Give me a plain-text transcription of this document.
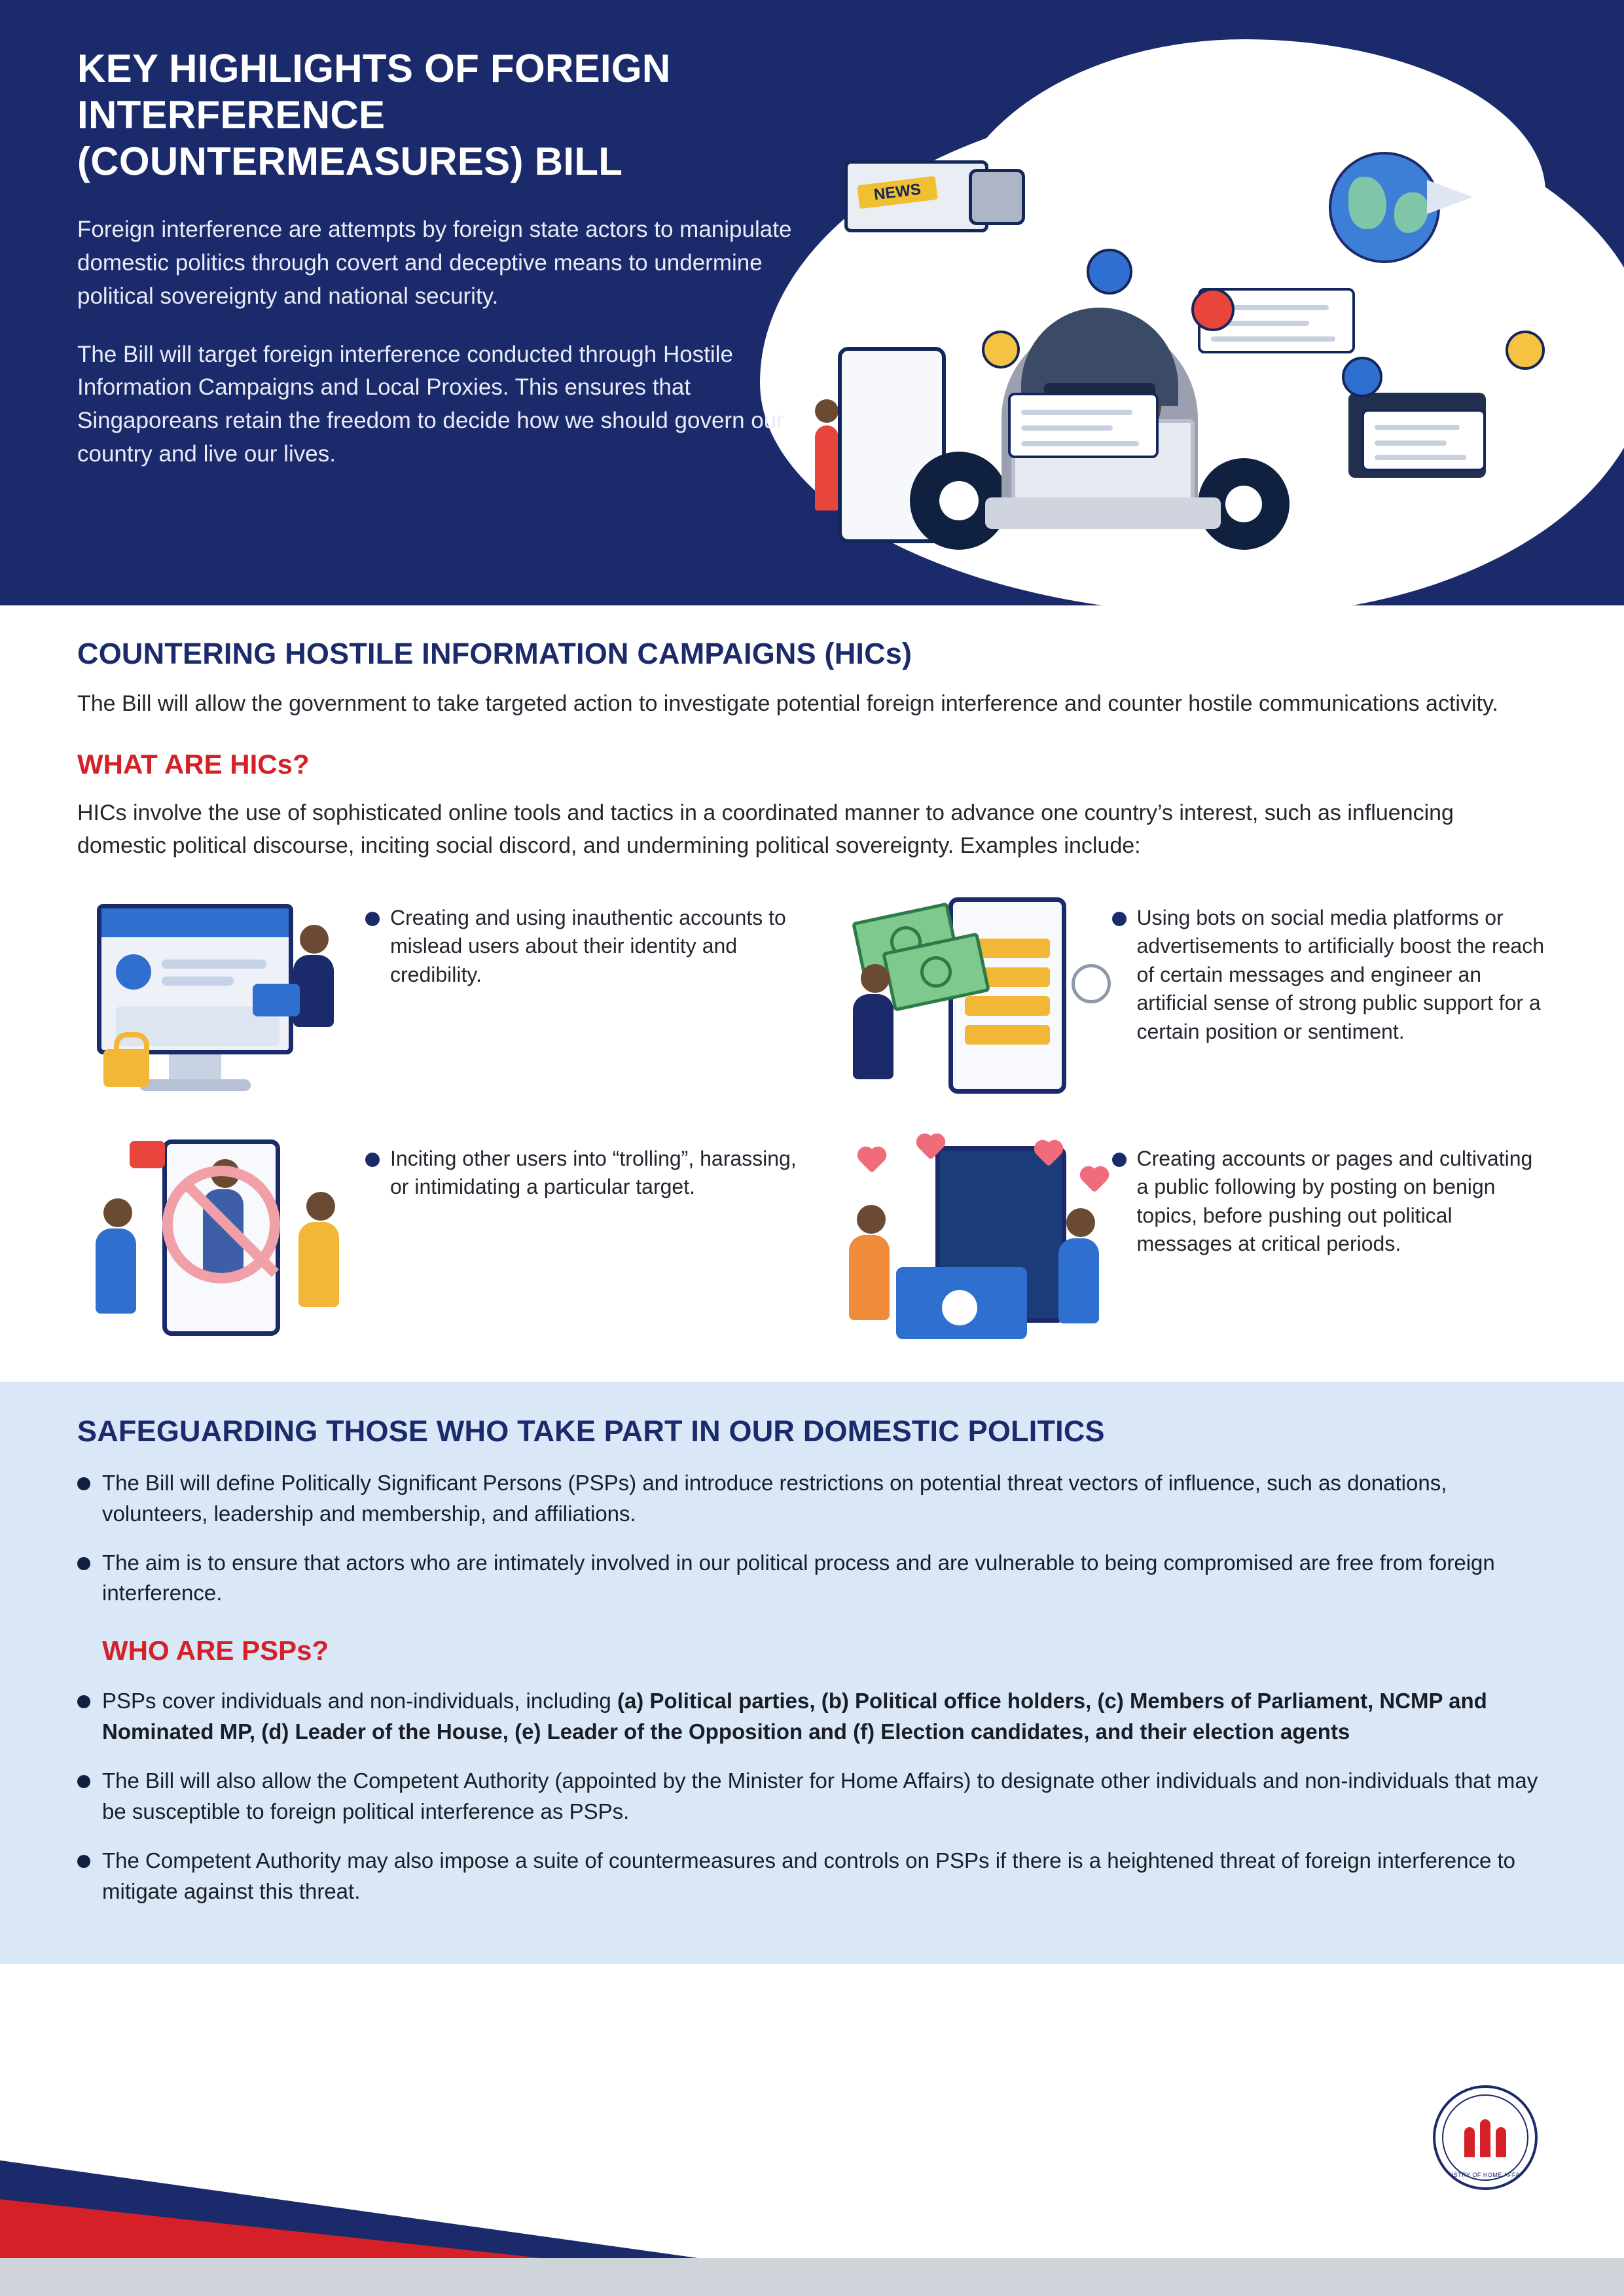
NEWS
KEY HIGHLIGHTS OF FOREIGN INTERFERENCE
(COUNTERMEASURES) BILL

Foreign interference are attempts by foreign state actors to manipulate domestic politics through covert and deceptive means to undermine political sovereignty and national security.

The Bill will target foreign interference conducted through Hostile Information Campaigns and Local Proxies. This ensures that Singaporeans retain the freedom to decide how we should govern our country and live our lives.

COUNTERING HOSTILE INFORMATION CAMPAIGNS (HICs)

The Bill will allow the government to take targeted action to investigate potential foreign interference and counter hostile communications activity.

WHAT ARE HICs?

HICs involve the use of sophisticated online tools and tactics in a coordinated manner to advance one country’s interest, such as influencing domestic political discourse, inciting social discord, and undermining political sovereignty. Examples include:

Creating and using inauthentic accounts to mislead users about their identity and credibility.

Using bots on social media platforms or advertisements to artificially boost the reach of certain messages and engineer an artificial sense of strong public support for a certain position or sentiment.

Inciting other users into “trolling”, harassing, or intimidating a particular target.

Creating accounts or pages and cultivating a public following by posting on benign topics, before pushing out political messages at critical periods.

SAFEGUARDING THOSE WHO TAKE PART IN OUR DOMESTIC POLITICS

The Bill will define Politically Significant Persons (PSPs) and introduce restrictions on potential threat vectors of influence, such as donations, volunteers, leadership and membership, and affiliations.

The aim is to ensure that actors who are intimately involved in our political process and are vulnerable to being compromised are free from foreign interference.

WHO ARE PSPs?

PSPs cover individuals and non-individuals, including (a) Political parties, (b) Political office holders, (c) Members of Parliament, NCMP and Nominated MP, (d) Leader of the House, (e) Leader of the Opposition and (f) Election candidates, and their election agents

The Bill will also allow the Competent Authority (appointed by the Minister for Home Affairs) to designate other individuals and non-individuals that may be susceptible to foreign political interference as PSPs.

The Competent Authority may also impose a suite of countermeasures and controls on PSPs if there is a heightened threat of foreign interference to mitigate against this threat.

MINISTRY OF HOME AFFAIRS
